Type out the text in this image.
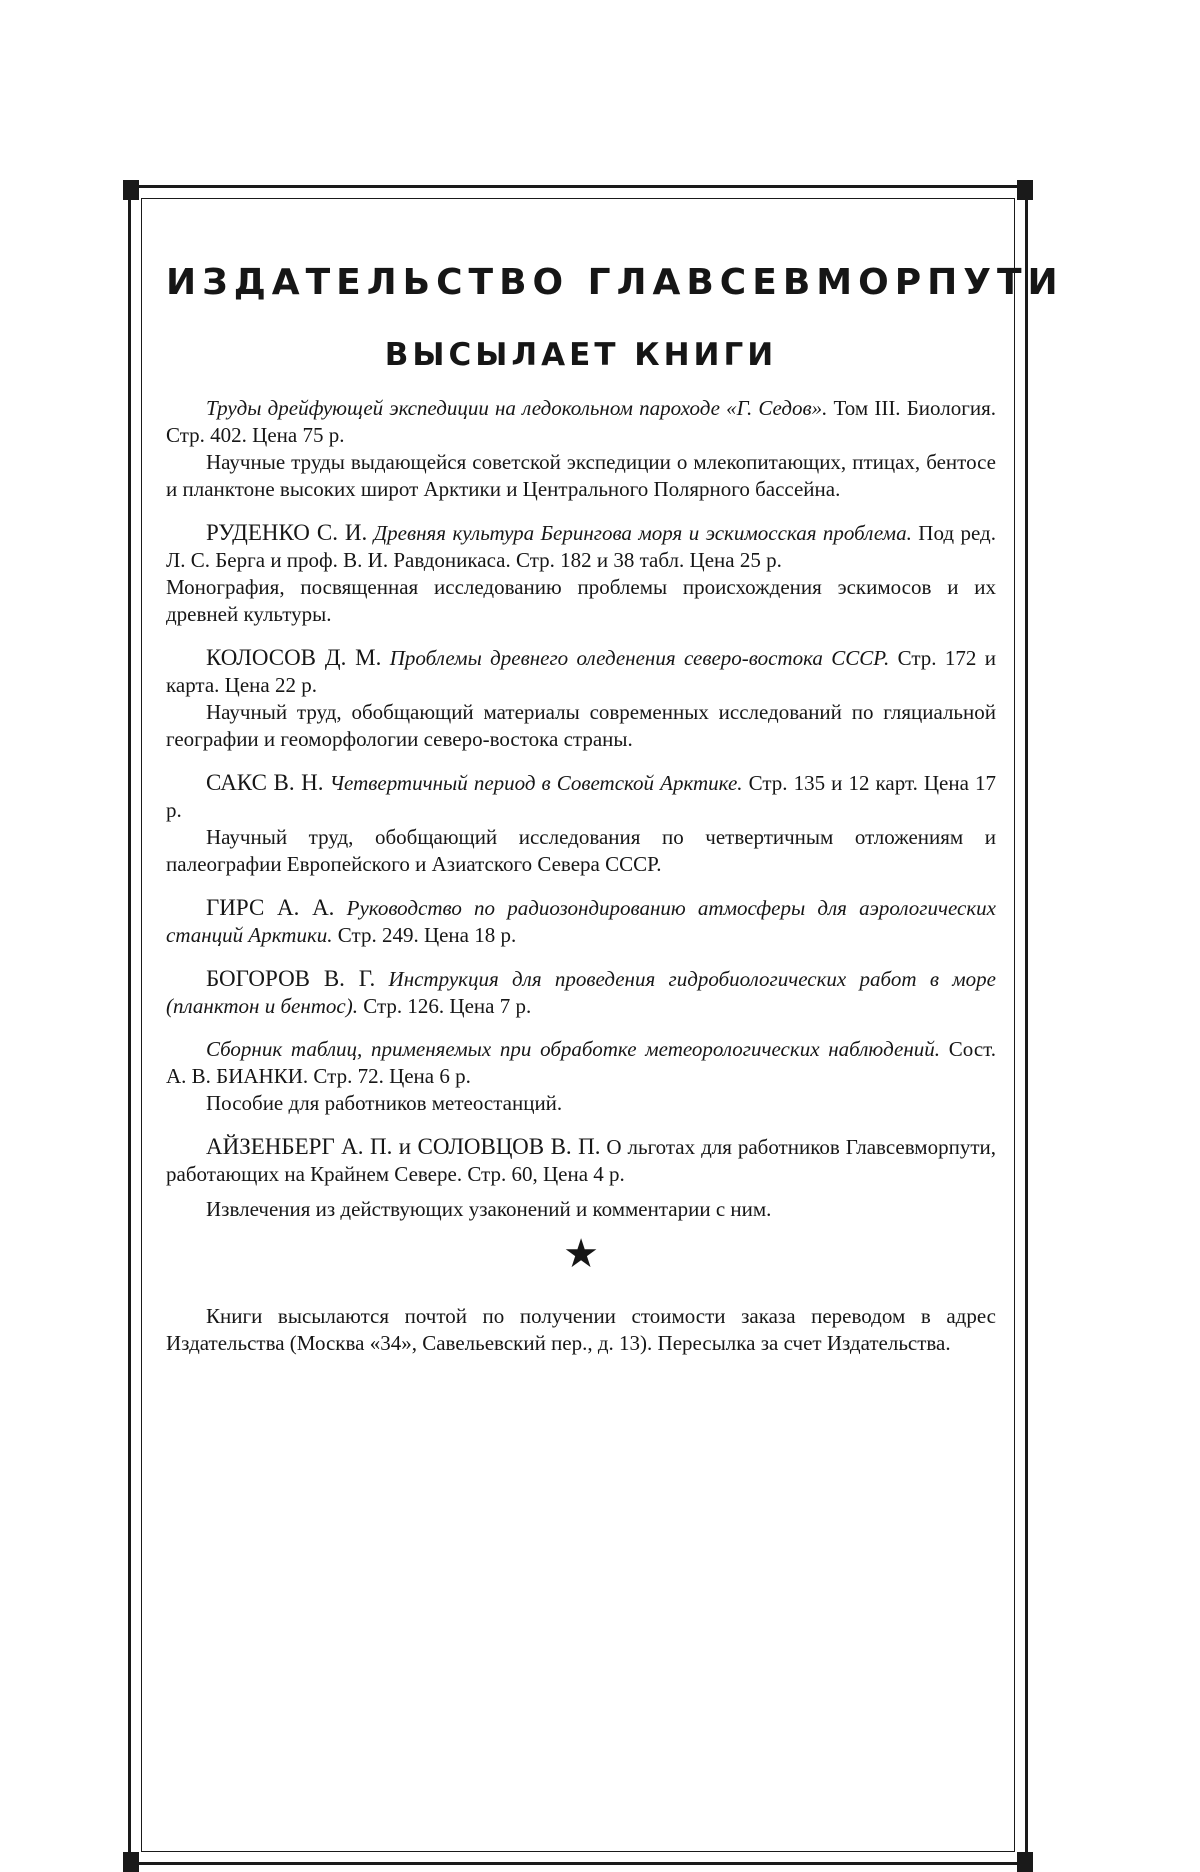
ИЗДАТЕЛЬСТВО ГЛАВСЕВМОРПУТИ
ВЫСЫЛАЕТ КНИГИ

Труды дрейфующей экспедиции на ледокольном пароходе «Г. Седов». Том III. Биология. Стр. 402. Цена 75 р.

Научные труды выдающейся советской экспедиции о млекопитающих, птицах, бентосе и планктоне высоких широт Арктики и Центрального Полярного бассейна.

РУДЕНКО С. И. Древняя культура Берингова моря и эскимосская проблема. Под ред. Л. С. Берга и проф. В. И. Равдоникаса. Стр. 182 и 38 табл. Цена 25 р.

Монография, посвященная исследованию проблемы происхождения эскимосов и их древней культуры.

КОЛОСОВ Д. М. Проблемы древнего оледенения северо-востока СССР. Стр. 172 и карта. Цена 22 р.

Научный труд, обобщающий материалы современных исследований по гляциальной географии и геоморфологии северо-востока страны.

САКС В. Н. Четвертичный период в Советской Арктике. Стр. 135 и 12 карт. Цена 17 р.

Научный труд, обобщающий исследования по четвертичным отложениям и палеографии Европейского и Азиатского Севера СССР.

ГИРС А. А. Руководство по радиозондированию атмосферы для аэрологических станций Арктики. Стр. 249. Цена 18 р.

БОГОРОВ В. Г. Инструкция для проведения гидробиологических работ в море (планктон и бентос). Стр. 126. Цена 7 р.

Сборник таблиц, применяемых при обработке метеорологических наблюдений. Сост. А. В. БИАНКИ. Стр. 72. Цена 6 р.

Пособие для работников метеостанций.

АЙЗЕНБЕРГ А. П. и СОЛОВЦОВ В. П. О льготах для работников Главсевморпути, работающих на Крайнем Севере. Стр. 60, Цена 4 р.

Извлечения из действующих узаконений и комментарии с ним.

★

Книги высылаются почтой по получении стоимости заказа переводом в адрес Издательства (Москва «34», Савельевский пер., д. 13). Пересылка за счет Издательства.
